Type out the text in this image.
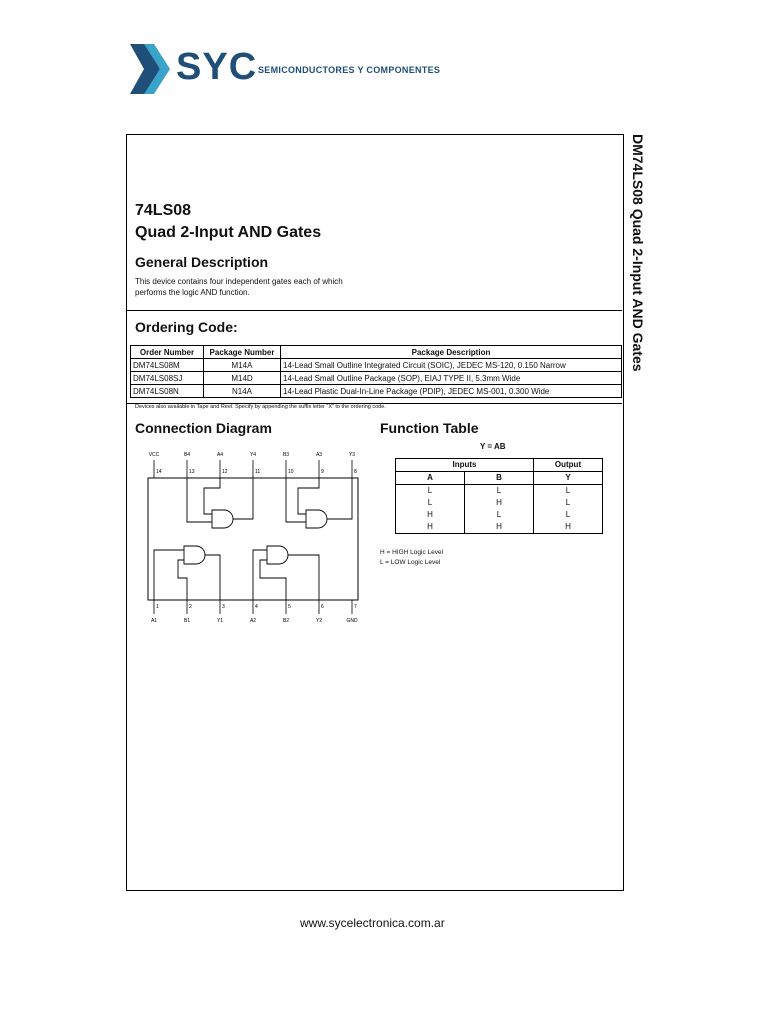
SYC SEMICONDUCTORES Y COMPONENTES
DM74LS08 Quad 2-Input AND Gates
74LS08
Quad 2-Input AND Gates
General Description
This device contains four independent gates each of which performs the logic AND function.
Ordering Code:
Order Number	Package Number	Package Description
DM74LS08M	M14A	14-Lead Small Outline Integrated Circuit (SOIC), JEDEC MS-120, 0.150 Narrow
DM74LS08SJ	M14D	14-Lead Small Outline Package (SOP), EIAJ TYPE II, 5.3mm Wide
DM74LS08N	N14A	14-Lead Plastic Dual-In-Line Package (PDIP), JEDEC MS-001, 0.300 Wide
Devices also available in Tape and Reel. Specify by appending the suffix letter “X” to the ordering code.
Connection Diagram	Function Table
VCC	B4	A4	Y4	B3	A3	Y3
14	13	12	11	10	9	8
1	2	3	4	5	6	7
A1	B1	Y1	A2	B2	Y2	GND
Y = AB
Inputs		Output
A	B	Y
L	L	L
L	H	L
H	L	L
H	H	H
H = HIGH Logic Level
L = LOW Logic Level
www.sycelectronica.com.ar
